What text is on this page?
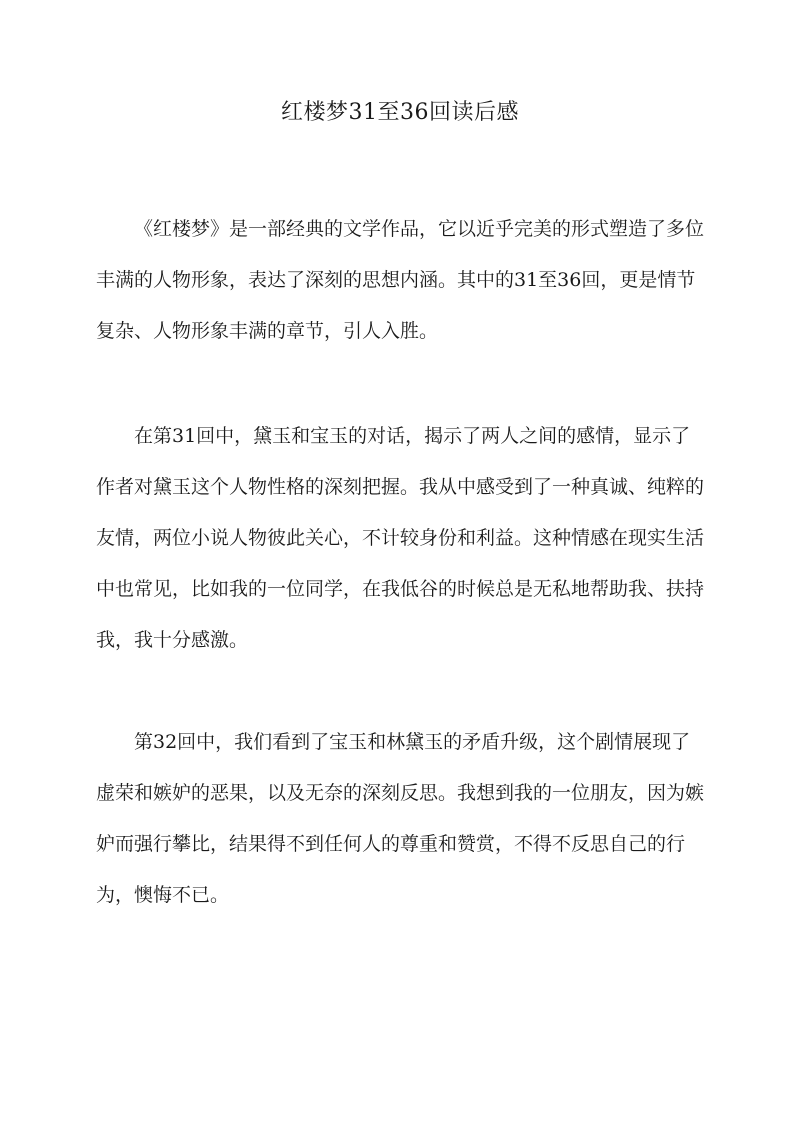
红楼梦31至36回读后感

《红楼梦》是一部经典的文学作品，它以近乎完美的形式塑造了多位丰满的人物形象，表达了深刻的思想内涵。其中的31至36回，更是情节复杂、人物形象丰满的章节，引人入胜。

在第31回中，黛玉和宝玉的对话，揭示了两人之间的感情，显示了作者对黛玉这个人物性格的深刻把握。我从中感受到了一种真诚、纯粹的友情，两位小说人物彼此关心，不计较身份和利益。这种情感在现实生活中也常见，比如我的一位同学，在我低谷的时候总是无私地帮助我、扶持我，我十分感激。

第32回中，我们看到了宝玉和林黛玉的矛盾升级，这个剧情展现了虚荣和嫉妒的恶果，以及无奈的深刻反思。我想到我的一位朋友，因为嫉妒而强行攀比，结果得不到任何人的尊重和赞赏，不得不反思自己的行为，懊悔不已。
